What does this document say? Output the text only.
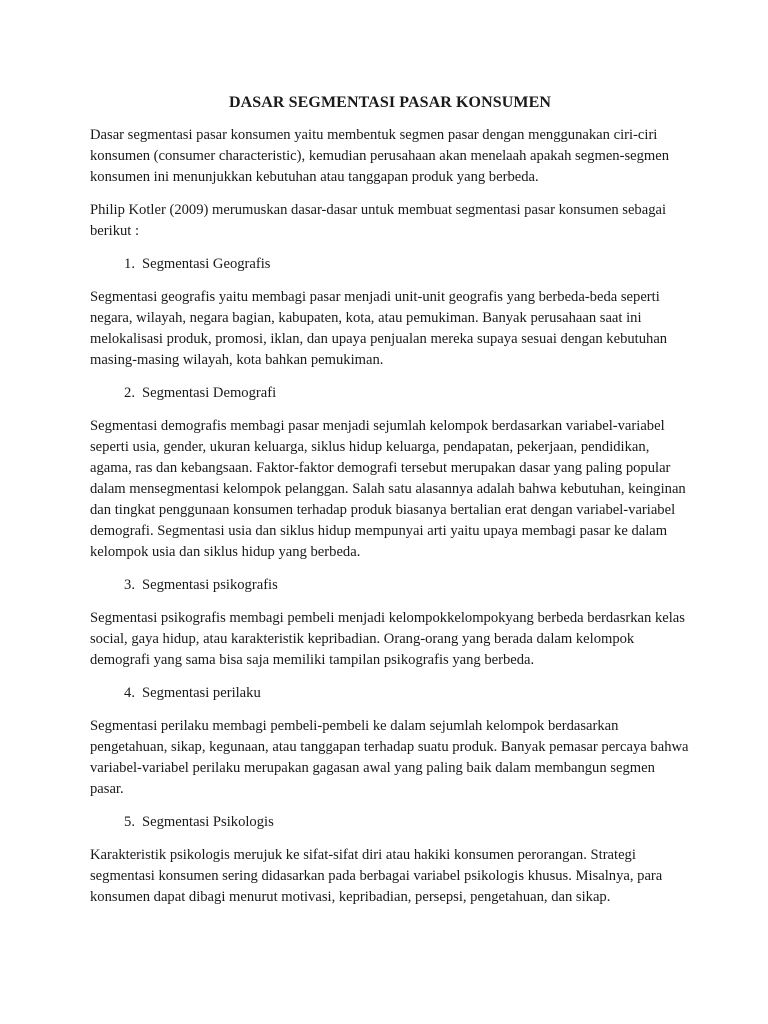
DASAR SEGMENTASI PASAR KONSUMEN

Dasar segmentasi pasar konsumen yaitu membentuk segmen pasar dengan menggunakan ciri-ciri konsumen (consumer characteristic), kemudian perusahaan akan menelaah apakah segmen-segmen konsumen ini menunjukkan kebutuhan atau tanggapan produk yang berbeda.

Philip Kotler (2009) merumuskan dasar-dasar untuk membuat segmentasi pasar konsumen sebagai berikut :

1. Segmentasi Geografis

Segmentasi geografis yaitu membagi pasar menjadi unit-unit geografis yang berbeda-beda seperti negara, wilayah, negara bagian, kabupaten, kota, atau pemukiman. Banyak perusahaan saat ini melokalisasi produk, promosi, iklan, dan upaya penjualan mereka supaya sesuai dengan kebutuhan masing-masing wilayah, kota bahkan pemukiman.

2. Segmentasi Demografi

Segmentasi demografis membagi pasar menjadi sejumlah kelompok berdasarkan variabel-variabel seperti usia, gender, ukuran keluarga, siklus hidup keluarga, pendapatan, pekerjaan, pendidikan, agama, ras dan kebangsaan. Faktor-faktor demografi tersebut merupakan dasar yang paling popular dalam mensegmentasi kelompok pelanggan. Salah satu alasannya adalah bahwa kebutuhan, keinginan dan tingkat penggunaan konsumen terhadap produk biasanya bertalian erat dengan variabel-variabel demografi. Segmentasi usia dan siklus hidup mempunyai arti yaitu upaya membagi pasar ke dalam kelompok usia dan siklus hidup yang berbeda.

3. Segmentasi psikografis

Segmentasi psikografis membagi pembeli menjadi kelompokkelompokyang berbeda berdasrkan kelas social, gaya hidup, atau karakteristik kepribadian. Orang-orang yang berada dalam kelompok demografi yang sama bisa saja memiliki tampilan psikografis yang berbeda.

4. Segmentasi perilaku

Segmentasi perilaku membagi pembeli-pembeli ke dalam sejumlah kelompok berdasarkan pengetahuan, sikap, kegunaan, atau tanggapan terhadap suatu produk. Banyak pemasar percaya bahwa variabel-variabel perilaku merupakan gagasan awal yang paling baik dalam membangun segmen pasar.

5. Segmentasi Psikologis

Karakteristik psikologis merujuk ke sifat-sifat diri atau hakiki konsumen perorangan. Strategi segmentasi konsumen sering didasarkan pada berbagai variabel psikologis khusus. Misalnya, para konsumen dapat dibagi menurut motivasi, kepribadian, persepsi, pengetahuan, dan sikap.
